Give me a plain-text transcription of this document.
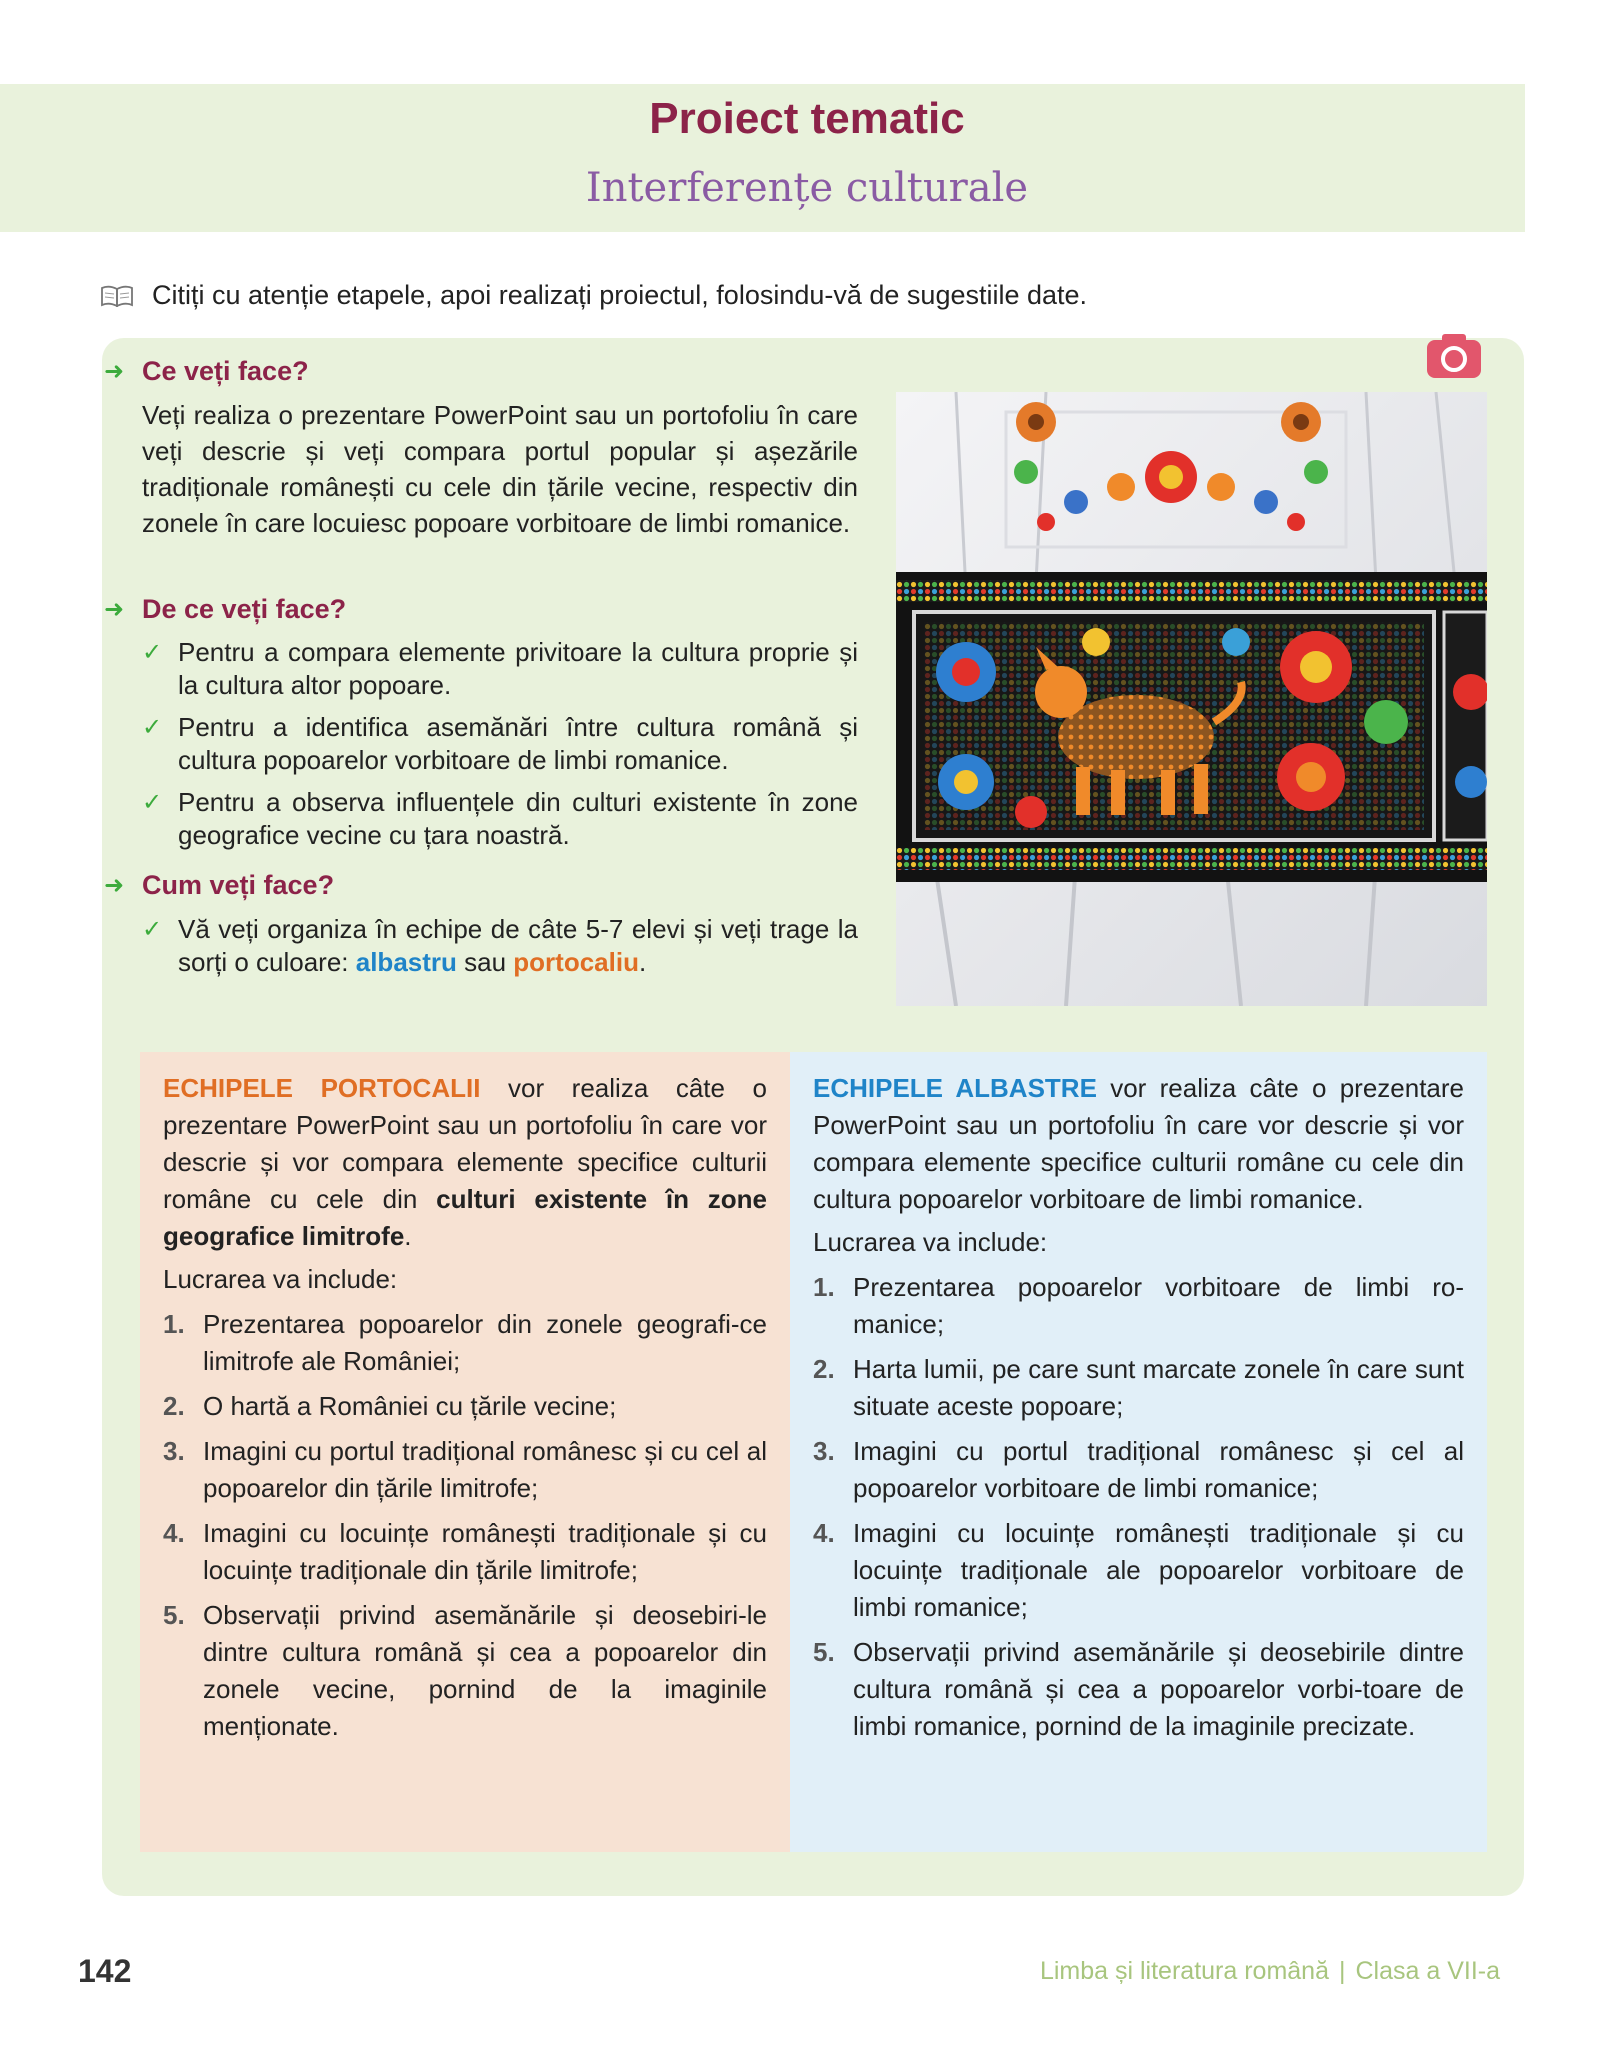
Proiect tematic
Interferențe culturale
Citiți cu atenție etapele, apoi realizați proiectul, folosindu-vă de sugestiile date.
➜ Ce veți face?
Veți realiza o prezentare PowerPoint sau un portofoliu în care veți descrie și veți compara portul popular și așezările tradiționale românești cu cele din țările vecine, respectiv din zonele în care locuiesc popoare vorbitoare de limbi romanice.
➜ De ce veți face?
✓ Pentru a compara elemente privitoare la cultura proprie și la cultura altor popoare.
✓ Pentru a identifica asemănări între cultura română și cultura popoarelor vorbitoare de limbi romanice.
✓ Pentru a observa influențele din culturi existente în zone geografice vecine cu țara noastră.
➜ Cum veți face?
✓ Vă veți organiza în echipe de câte 5-7 elevi și veți trage la sorți o culoare: albastru sau portocaliu.

ECHIPELE PORTOCALII vor realiza câte o prezentare PowerPoint sau un portofoliu în care vor descrie și vor compara elemente specifice culturii române cu cele din culturi existente în zone geografice limitrofe.

Lucrarea va include:

1. Prezentarea popoarelor din zonele geografi-ce limitrofe ale României;
2. O hartă a României cu țările vecine;
3. Imagini cu portul tradițional românesc și cu cel al popoarelor din țările limitrofe;
4. Imagini cu locuințe românești tradiționale și cu locuințe tradiționale din țările limitrofe;
5. Observații privind asemănările și deosebiri-le dintre cultura română și cea a popoarelor din zonele vecine, pornind de la imaginile menționate.

ECHIPELE ALBASTRE vor realiza câte o prezentare PowerPoint sau un portofoliu în care vor descrie și vor compara elemente specifice culturii române cu cele din cultura popoarelor vorbitoare de limbi romanice.

Lucrarea va include:

1. Prezentarea popoarelor vorbitoare de limbi ro-manice;
2. Harta lumii, pe care sunt marcate zonele în care sunt situate aceste popoare;
3. Imagini cu portul tradițional românesc și cel al popoarelor vorbitoare de limbi romanice;
4. Imagini cu locuințe românești tradiționale și cu locuințe tradiționale ale popoarelor vorbitoare de limbi romanice;
5. Observații privind asemănările și deosebirile dintre cultura română și cea a popoarelor vorbi-toare de limbi romanice, pornind de la imaginile precizate.
142	Limba și literatura română | Clasa a VII-a
